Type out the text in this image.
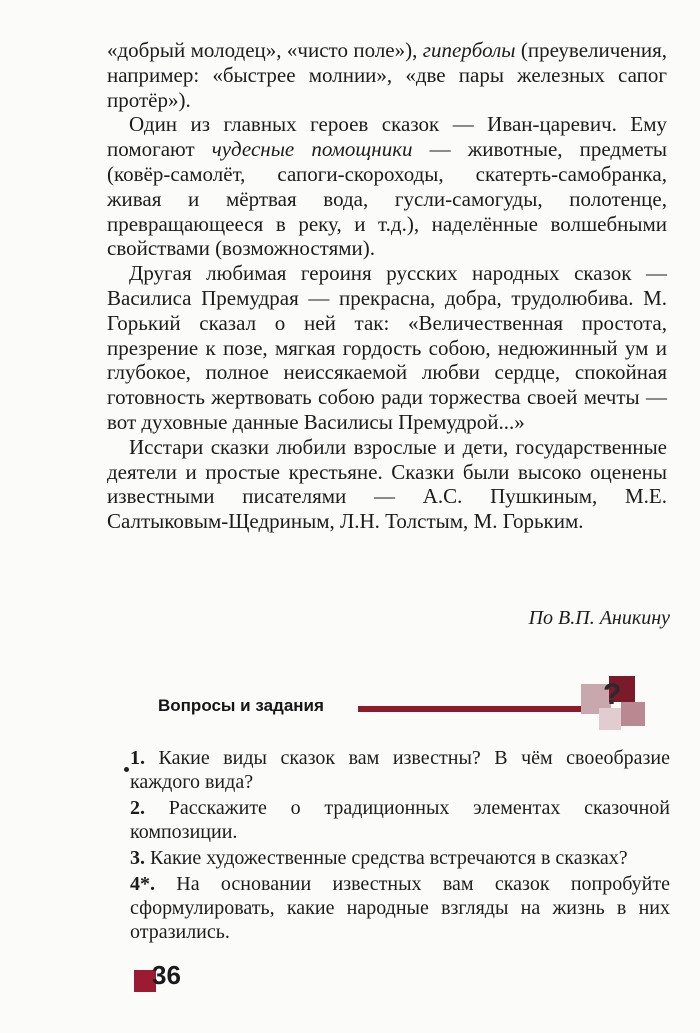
«добрый молодец», «чисто поле»), гиперболы (преувеличения, например: «быстрее молнии», «две пары железных сапог протёр»).

Один из главных героев сказок — Иван-царевич. Ему помогают чудесные помощники — животные, предметы (ковёр-самолёт, сапоги-скороходы, скатерть-самобранка, живая и мёртвая вода, гусли-самогуды, полотенце, превращающееся в реку, и т.д.), наделённые волшебными свойствами (возможностями).

Другая любимая героиня русских народных сказок — Василиса Премудрая — прекрасна, добра, трудолюбива. М. Горький сказал о ней так: «Величественная простота, презрение к позе, мягкая гордость собою, недюжинный ум и глубокое, полное неиссякаемой любви сердце, спокойная готовность жертвовать собою ради торжества своей мечты — вот духовные данные Василисы Премудрой...»

Исстари сказки любили взрослые и дети, государственные деятели и простые крестьяне. Сказки были высоко оценены известными писателями — А.С. Пушкиным, М.Е. Салтыковым-Щедриным, Л.Н. Толстым, М. Горьким.

По В.П. Аникину
Вопросы и задания	?

1. Какие виды сказок вам известны? В чём своеобразие каждого вида?

2. Расскажите о традиционных элементах сказочной композиции.

3. Какие художественные средства встречаются в сказках?

4*. На основании известных вам сказок попробуйте сформулировать, какие народные взгляды на жизнь в них отразились.

36
